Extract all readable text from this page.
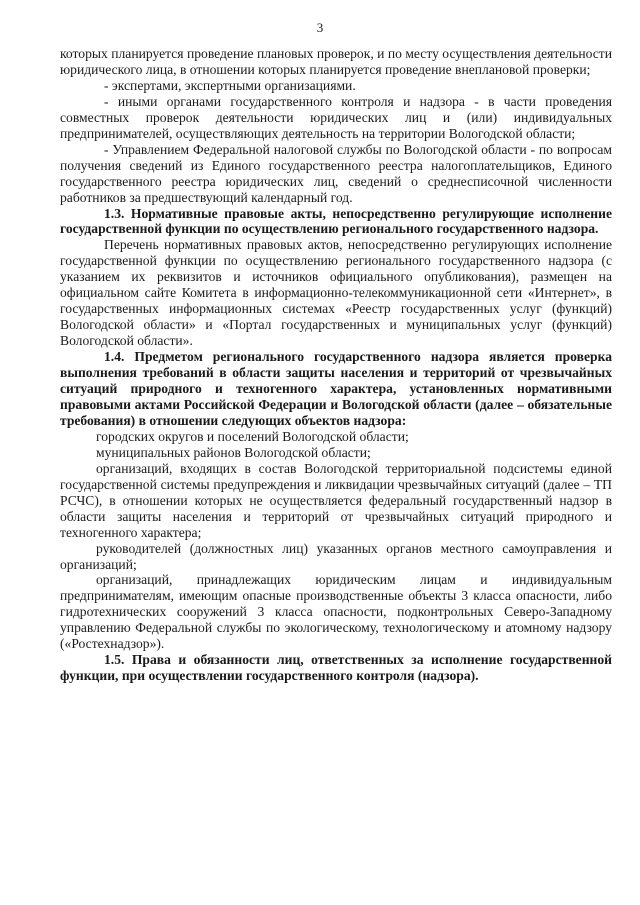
3

которых планируется проведение плановых проверок, и по месту осуществления деятельности юридического лица, в отношении которых планируется проведение внеплановой проверки;

- экспертами, экспертными организациями.

- иными органами государственного контроля и надзора - в части проведения совместных проверок деятельности юридических лиц и (или) индивидуальных предпринимателей, осуществляющих деятельность на территории Вологодской области;

- Управлением Федеральной налоговой службы по Вологодской области - по вопросам получения сведений из Единого государственного реестра налогоплательщиков, Единого государственного реестра юридических лиц, сведений о среднесписочной численности работников за предшествующий календарный год.

1.3. Нормативные правовые акты, непосредственно регулирующие исполнение государственной функции по осуществлению регионального государственного надзора.

Перечень нормативных правовых актов, непосредственно регулирующих исполнение государственной функции по осуществлению регионального государственного надзора (с указанием их реквизитов и источников официального опубликования), размещен на официальном сайте Комитета в информационно-телекоммуникационной сети «Интернет», в государственных информационных системах «Реестр государственных услуг (функций) Вологодской области» и «Портал государственных и муниципальных услуг (функций) Вологодской области».

1.4. Предметом регионального государственного надзора является проверка выполнения требований в области защиты населения и территорий от чрезвычайных ситуаций природного и техногенного характера, установленных нормативными правовыми актами Российской Федерации и Вологодской области (далее – обязательные требования) в отношении следующих объектов надзора:

городских округов и поселений Вологодской области;

муниципальных районов Вологодской области;

организаций, входящих в состав Вологодской территориальной подсистемы единой государственной системы предупреждения и ликвидации чрезвычайных ситуаций (далее – ТП РСЧС), в отношении которых не осуществляется федеральный государственный надзор в области защиты населения и территорий от чрезвычайных ситуаций природного и техногенного характера;

руководителей (должностных лиц) указанных органов местного самоуправления и организаций;

организаций, принадлежащих юридическим лицам и индивидуальным предпринимателям, имеющим опасные производственные объекты 3 класса опасности, либо гидротехнических сооружений 3 класса опасности, подконтрольных Северо-Западному управлению Федеральной службы по экологическому, технологическому и атомному надзору («Ростехнадзор»).

1.5. Права и обязанности лиц, ответственных за исполнение государственной функции, при осуществлении государственного контроля (надзора).
